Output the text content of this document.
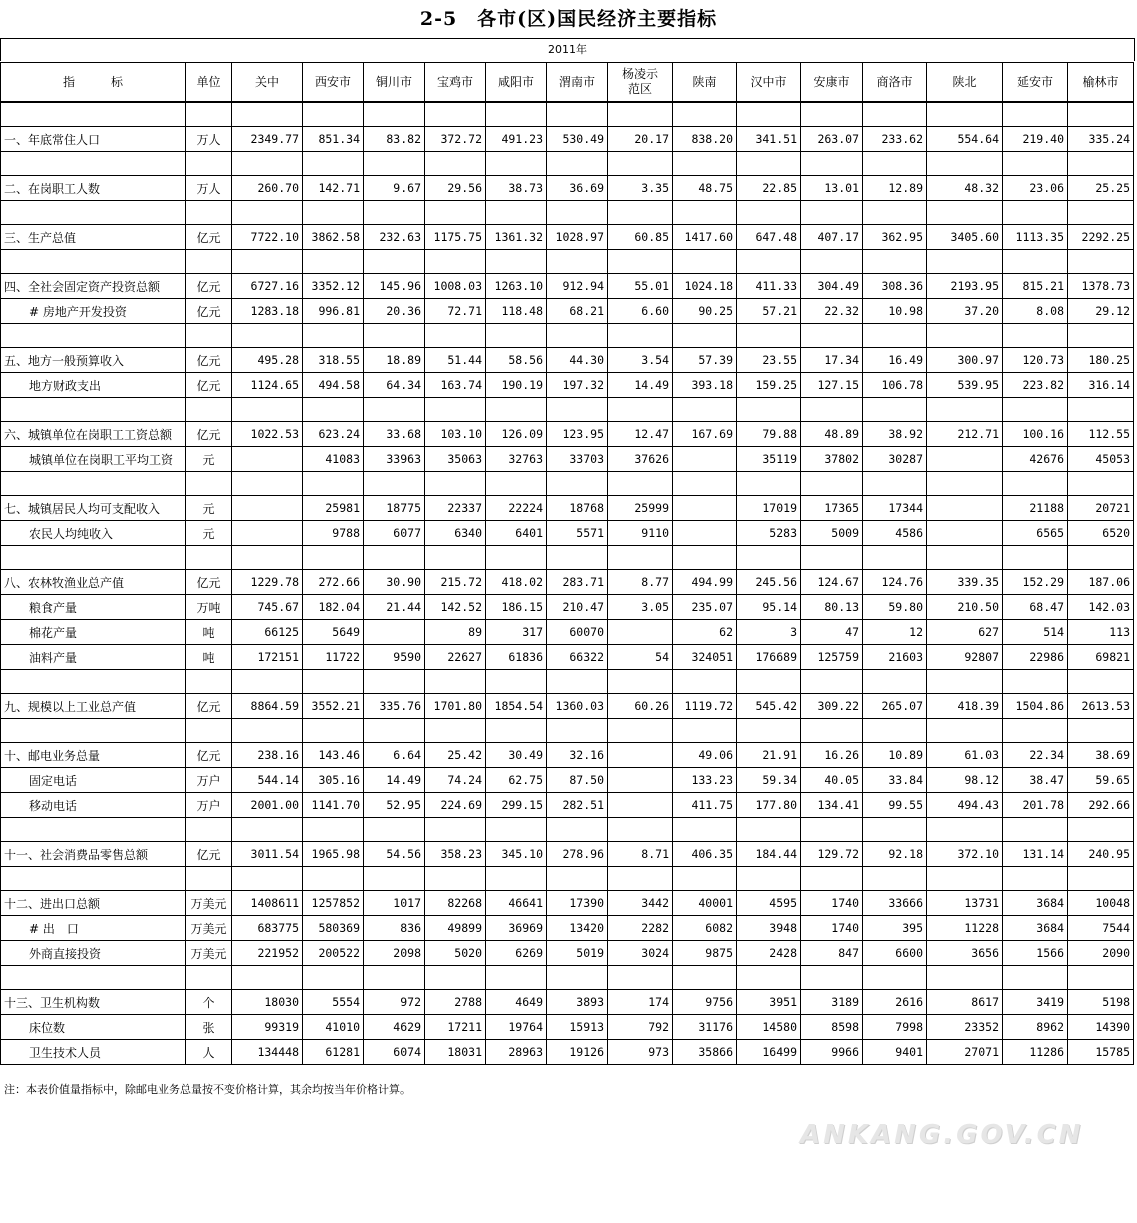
2-5　各市(区)国民经济主要指标
2011年
指　　　标	单位	关中	西安市	铜川市	宝鸡市	咸阳市	渭南市	杨凌示范区	陕南	汉中市	安康市	商洛市	陕北	延安市	榆林市

一、年底常住人口	万人	2349.77	851.34	83.82	372.72	491.23	530.49	20.17	838.20	341.51	263.07	233.62	554.64	219.40	335.24

二、在岗职工人数	万人	260.70	142.71	9.67	29.56	38.73	36.69	3.35	48.75	22.85	13.01	12.89	48.32	23.06	25.25

三、生产总值	亿元	7722.10	3862.58	232.63	1175.75	1361.32	1028.97	60.85	1417.60	647.48	407.17	362.95	3405.60	1113.35	2292.25

四、全社会固定资产投资总额	亿元	6727.16	3352.12	145.96	1008.03	1263.10	912.94	55.01	1024.18	411.33	304.49	308.36	2193.95	815.21	1378.73
# 房地产开发投资	亿元	1283.18	996.81	20.36	72.71	118.48	68.21	6.60	90.25	57.21	22.32	10.98	37.20	8.08	29.12

五、地方一般预算收入	亿元	495.28	318.55	18.89	51.44	58.56	44.30	3.54	57.39	23.55	17.34	16.49	300.97	120.73	180.25
地方财政支出	亿元	1124.65	494.58	64.34	163.74	190.19	197.32	14.49	393.18	159.25	127.15	106.78	539.95	223.82	316.14

六、城镇单位在岗职工工资总额	亿元	1022.53	623.24	33.68	103.10	126.09	123.95	12.47	167.69	79.88	48.89	38.92	212.71	100.16	112.55
城镇单位在岗职工平均工资	元		41083	33963	35063	32763	33703	37626		35119	37802	30287		42676	45053

七、城镇居民人均可支配收入	元		25981	18775	22337	22224	18768	25999		17019	17365	17344		21188	20721
农民人均纯收入	元		9788	6077	6340	6401	5571	9110		5283	5009	4586		6565	6520

八、农林牧渔业总产值	亿元	1229.78	272.66	30.90	215.72	418.02	283.71	8.77	494.99	245.56	124.67	124.76	339.35	152.29	187.06
粮食产量	万吨	745.67	182.04	21.44	142.52	186.15	210.47	3.05	235.07	95.14	80.13	59.80	210.50	68.47	142.03
棉花产量	吨	66125	5649		89	317	60070		62	3	47	12	627	514	113
油料产量	吨	172151	11722	9590	22627	61836	66322	54	324051	176689	125759	21603	92807	22986	69821

九、规模以上工业总产值	亿元	8864.59	3552.21	335.76	1701.80	1854.54	1360.03	60.26	1119.72	545.42	309.22	265.07	418.39	1504.86	2613.53

十、邮电业务总量	亿元	238.16	143.46	6.64	25.42	30.49	32.16		49.06	21.91	16.26	10.89	61.03	22.34	38.69
固定电话	万户	544.14	305.16	14.49	74.24	62.75	87.50		133.23	59.34	40.05	33.84	98.12	38.47	59.65
移动电话	万户	2001.00	1141.70	52.95	224.69	299.15	282.51		411.75	177.80	134.41	99.55	494.43	201.78	292.66

十一、社会消费品零售总额	亿元	3011.54	1965.98	54.56	358.23	345.10	278.96	8.71	406.35	184.44	129.72	92.18	372.10	131.14	240.95

十二、进出口总额	万美元	1408611	1257852	1017	82268	46641	17390	3442	40001	4595	1740	33666	13731	3684	10048
# 出　口	万美元	683775	580369	836	49899	36969	13420	2282	6082	3948	1740	395	11228	3684	7544
外商直接投资	万美元	221952	200522	2098	5020	6269	5019	3024	9875	2428	847	6600	3656	1566	2090

十三、卫生机构数	个	18030	5554	972	2788	4649	3893	174	9756	3951	3189	2616	8617	3419	5198
床位数	张	99319	41010	4629	17211	19764	15913	792	31176	14580	8598	7998	23352	8962	14390
卫生技术人员	人	134448	61281	6074	18031	28963	19126	973	35866	16499	9966	9401	27071	11286	15785
注：本表价值量指标中，除邮电业务总量按不变价格计算，其余均按当年价格计算。
ANKANG.GOV.CN
